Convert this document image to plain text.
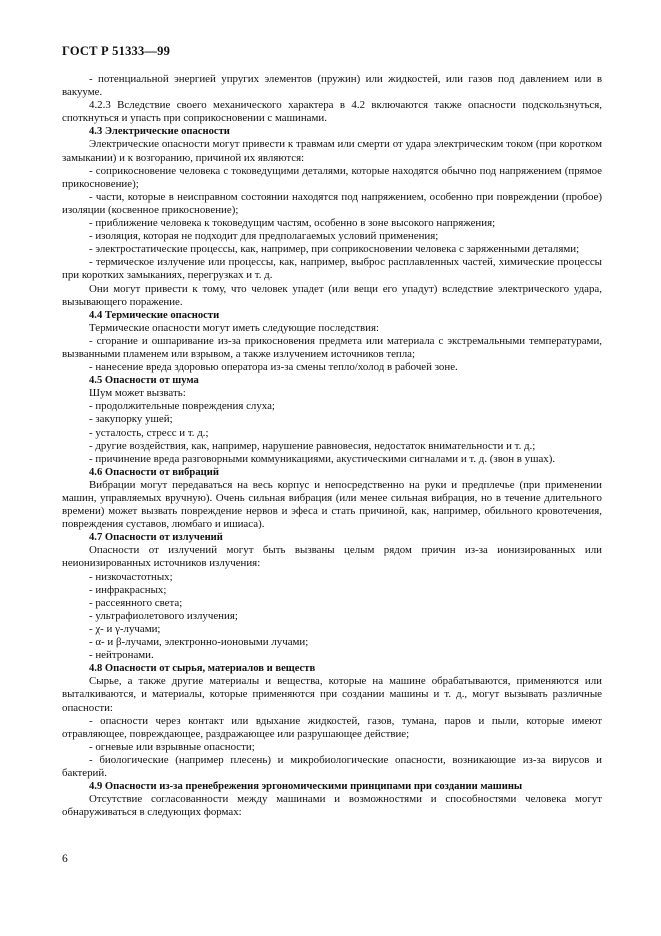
ГОСТ Р 51333—99

- потенциальной энергией упругих элементов (пружин) или жидкостей, или газов под давлением или в вакууме.

4.2.3 Вследствие своего механического характера в 4.2 включаются также опасности подскользнуться, споткнуться и упасть при соприкосновении с машинами.

4.3 Электрические опасности

Электрические опасности могут привести к травмам или смерти от удара электрическим током (при коротком замыкании) и к возгоранию, причиной их являются:

- соприкосновение человека с токоведущими деталями, которые находятся обычно под напряжением (прямое прикосновение);

- части, которые в неисправном состоянии находятся под напряжением, особенно при повреждении (пробое) изоляции (косвенное прикосновение);

- приближение человека к токоведущим частям, особенно в зоне высокого напряжения;

- изоляция, которая не подходит для предполагаемых условий применения;

- электростатические процессы, как, например, при соприкосновении человека с заряженными деталями;

- термическое излучение или процессы, как, например, выброс расплавленных частей, химические процессы при коротких замыканиях, перегрузках и т. д.

Они могут привести к тому, что человек упадет (или вещи его упадут) вследствие электрического удара, вызывающего поражение.

4.4 Термические опасности

Термические опасности могут иметь следующие последствия:

- сгорание и ошпаривание из-за прикосновения предмета или материала с экстремальными температурами, вызванными пламенем или взрывом, а также излучением источников тепла;

- нанесение вреда здоровью оператора из-за смены тепло/холод в рабочей зоне.

4.5 Опасности от шума

Шум может вызвать:

- продолжительные повреждения слуха;

- закупорку ушей;

- усталость, стресс и т. д.;

- другие воздействия, как, например, нарушение равновесия, недостаток внимательности и т. д.;

- причинение вреда разговорными коммуникациями, акустическими сигналами и т. д. (звон в ушах).

4.6 Опасности от вибраций

Вибрации могут передаваться на весь корпус и непосредственно на руки и предплечье (при применении машин, управляемых вручную). Очень сильная вибрация (или менее сильная вибрация, но в течение длительного времени) может вызвать повреждение нервов и эфеса и стать причиной, как, например, обильного кровотечения, повреждения суставов, люмбаго и ишиаса).

4.7 Опасности от излучений

Опасности от излучений могут быть вызваны целым рядом причин из-за ионизированных или неионизированных источников излучения:

- низкочастотных;

- инфракрасных;

- рассеянного света;

- ультрафиолетового излучения;

- χ- и γ-лучами;

- α- и β-лучами, электронно-ионовыми лучами;

- нейтронами.

4.8 Опасности от сырья, материалов и веществ

Сырье, а также другие материалы и вещества, которые на машине обрабатываются, применяются или выталкиваются, и материалы, которые применяются при создании машины и т. д., могут вызывать различные опасности:

- опасности через контакт или вдыхание жидкостей, газов, тумана, паров и пыли, которые имеют отравляющее, повреждающее, раздражающее или разрушающее действие;

- огневые или взрывные опасности;

- биологические (например плесень) и микробиологические опасности, возникающие из-за вирусов и бактерий.

4.9 Опасности из-за пренебрежения эргономическими принципами при создании машины

Отсутствие согласованности между машинами и возможностями и способностями человека могут обнаруживаться в следующих формах:

6
